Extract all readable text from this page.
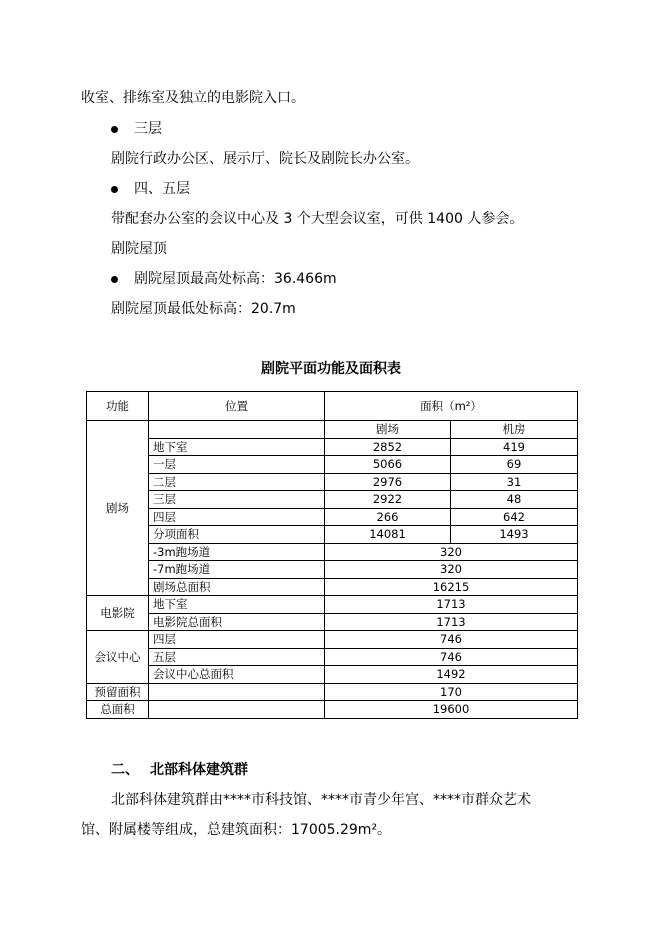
收室、排练室及独立的电影院入口。
三层
剧院行政办公区、展示厅、院长及剧院长办公室。
四、五层
带配套办公室的会议中心及 3 个大型会议室，可供 1400 人参会。
剧院屋顶
剧院屋顶最高处标高：36.466m
剧院屋顶最低处标高：20.7m
剧院平面功能及面积表
功能	位置	面积（m²）	
剧场		剧场	机房
	地下室	2852	419
	一层	5066	69
	二层	2976	31
	三层	2922	48
	四层	266	642
	分项面积	14081	1493
	-3m跑场道	320	
	-7m跑场道	320	
	剧场总面积	16215	
电影院	地下室	1713	
	电影院总面积	1713	
会议中心	四层	746	
	五层	746	
	会议中心总面积	1492	
预留面积		170	
总面积		19600	
二、 北部科体建筑群
北部科体建筑群由****市科技馆、****市青少年宫、****市群众艺术
馆、附属楼等组成，总建筑面积：17005.29m²。
